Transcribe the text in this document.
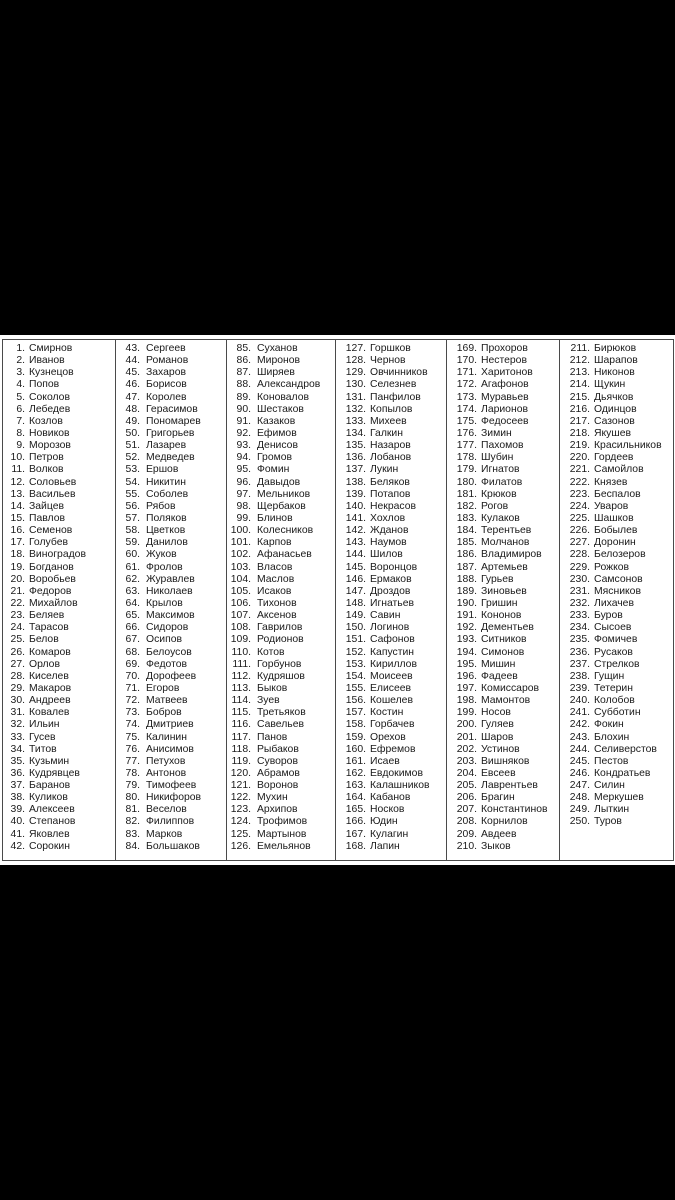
1. Смирнов
2. Иванов
3. Кузнецов
4. Попов
5. Соколов
6. Лебедев
7. Козлов
8. Новиков
9. Морозов
10. Петров
11. Волков
12. Соловьев
13. Васильев
14. Зайцев
15. Павлов
16. Семенов
17. Голубев
18. Виноградов
19. Богданов
20. Воробьев
21. Федоров
22. Михайлов
23. Беляев
24. Тарасов
25. Белов
26. Комаров
27. Орлов
28. Киселев
29. Макаров
30. Андреев
31. Ковалев
32. Ильин
33. Гусев
34. Титов
35. Кузьмин
36. Кудрявцев
37. Баранов
38. Куликов
39. Алексеев
40. Степанов
41. Яковлев
42. Сорокин

43. Сергеев
44. Романов
45. Захаров
46. Борисов
47. Королев
48. Герасимов
49. Пономарев
50. Григорьев
51. Лазарев
52. Медведев
53. Ершов
54. Никитин
55. Соболев
56. Рябов
57. Поляков
58. Цветков
59. Данилов
60. Жуков
61. Фролов
62. Журавлев
63. Николаев
64. Крылов
65. Максимов
66. Сидоров
67. Осипов
68. Белоусов
69. Федотов
70. Дорофеев
71. Егоров
72. Матвеев
73. Бобров
74. Дмитриев
75. Калинин
76. Анисимов
77. Петухов
78. Антонов
79. Тимофеев
80. Никифоров
81. Веселов
82. Филиппов
83. Марков
84. Большаков

85. Суханов
86. Миронов
87. Ширяев
88. Александров
89. Коновалов
90. Шестаков
91. Казаков
92. Ефимов
93. Денисов
94. Громов
95. Фомин
96. Давыдов
97. Мельников
98. Щербаков
99. Блинов
100. Колесников
101. Карпов
102. Афанасьев
103. Власов
104. Маслов
105. Исаков
106. Тихонов
107. Аксенов
108. Гаврилов
109. Родионов
110. Котов
111. Горбунов
112. Кудряшов
113. Быков
114. Зуев
115. Третьяков
116. Савельев
117. Панов
118. Рыбаков
119. Суворов
120. Абрамов
121. Воронов
122. Мухин
123. Архипов
124. Трофимов
125. Мартынов
126. Емельянов

127. Горшков
128. Чернов
129. Овчинников
130. Селезнев
131. Панфилов
132. Копылов
133. Михеев
134. Галкин
135. Назаров
136. Лобанов
137. Лукин
138. Беляков
139. Потапов
140. Некрасов
141. Хохлов
142. Жданов
143. Наумов
144. Шилов
145. Воронцов
146. Ермаков
147. Дроздов
148. Игнатьев
149. Савин
150. Логинов
151. Сафонов
152. Капустин
153. Кириллов
154. Моисеев
155. Елисеев
156. Кошелев
157. Костин
158. Горбачев
159. Орехов
160. Ефремов
161. Исаев
162. Евдокимов
163. Калашников
164. Кабанов
165. Носков
166. Юдин
167. Кулагин
168. Лапин

169. Прохоров
170. Нестеров
171. Харитонов
172. Агафонов
173. Муравьев
174. Ларионов
175. Федосеев
176. Зимин
177. Пахомов
178. Шубин
179. Игнатов
180. Филатов
181. Крюков
182. Рогов
183. Кулаков
184. Терентьев
185. Молчанов
186. Владимиров
187. Артемьев
188. Гурьев
189. Зиновьев
190. Гришин
191. Кононов
192. Дементьев
193. Ситников
194. Симонов
195. Мишин
196. Фадеев
197. Комиссаров
198. Мамонтов
199. Носов
200. Гуляев
201. Шаров
202. Устинов
203. Вишняков
204. Евсеев
205. Лаврентьев
206. Брагин
207. Константинов
208. Корнилов
209. Авдеев
210. Зыков

211. Бирюков
212. Шарапов
213. Никонов
214. Щукин
215. Дьячков
216. Одинцов
217. Сазонов
218. Якушев
219. Красильников
220. Гордеев
221. Самойлов
222. Князев
223. Беспалов
224. Уваров
225. Шашков
226. Бобылев
227. Доронин
228. Белозеров
229. Рожков
230. Самсонов
231. Мясников
232. Лихачев
233. Буров
234. Сысоев
235. Фомичев
236. Русаков
237. Стрелков
238. Гущин
239. Тетерин
240. Колобов
241. Субботин
242. Фокин
243. Блохин
244. Селиверстов
245. Пестов
246. Кондратьев
247. Силин
248. Меркушев
249. Лыткин
250. Туров
